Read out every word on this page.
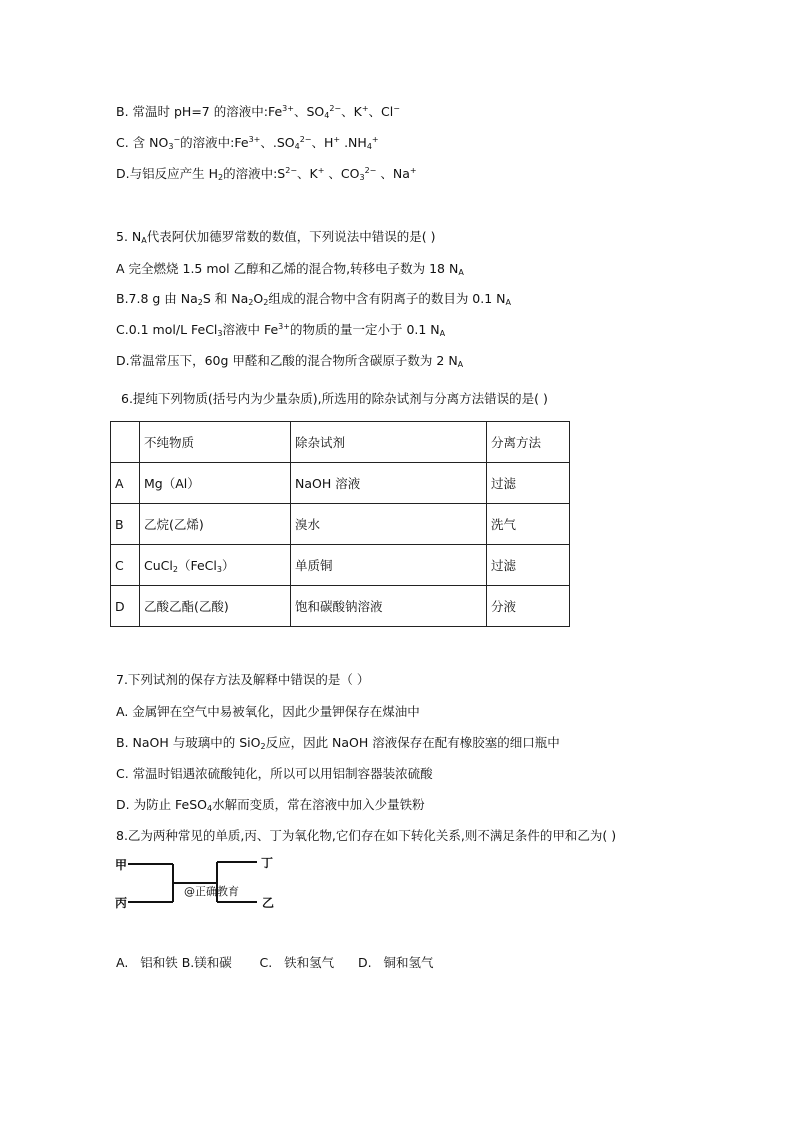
B. 常温时 pH=7 的溶液中$:Fe^{3+}$、$SO_4^{2-}$、K+、Cl−
C. 含 $NO_3^-$的溶液中$:Fe^{3+}$、$.SO_4^{2-}$、H+ $.NH_4^+$
D.与铝反应产生 $H_2$的溶液中$:S^{2-}$、K+ 、$CO_3^{2-}$ 、Na+
5. $N_A$代表阿伏加德罗常数的数值，下列说法中错误的是( )
A 完全燃烧 1.5 mol 乙醇和乙烯的混合物,转移电子数为 18 $N_A$
B.7.8 g 由 $Na_2S$ 和 $Na_2O_2$组成的混合物中含有阴离子的数目为 0.1 $N_A$
C.0.1 mol/L FeCl$_3$溶液中 $Fe^{3+}$的物质的量一定小于 0.1 $N_A$
D.常温常压下，60g 甲醛和乙酸的混合物所含碳原子数为 2 $N_A$
6.提纯下列物质(括号内为少量杂质),所选用的除杂试剂与分离方法错误的是( )
	不纯物质	除杂试剂	分离方法
A	Mg（Al）	NaOH 溶液	过滤
B	乙烷(乙烯)	溴水	洗气
C	CuCl$_2$（FeCl$_3$）	单质铜	过滤
D	乙酸乙酯(乙酸)	饱和碳酸钠溶液	分液
7.下列试剂的保存方法及解释中错误的是（ ）
A. 金属钾在空气中易被氧化，因此少量钾保存在煤油中
B. NaOH 与玻璃中的 SiO$_2$反应，因此 NaOH 溶液保存在配有橡胶塞的细口瓶中
C. 常温时铝遇浓硫酸钝化，所以可以用铝制容器装浓硫酸
D. 为防止 FeSO$_4$水解而变质，常在溶液中加入少量铁粉
8.乙为两种常见的单质,丙、丁为氧化物,它们存在如下转化关系,则不满足条件的甲和乙为( )
甲
丙
丁
乙
@正确教育
A.   铝和铁 B.镁和碳       C.   铁和氢气      D.   铜和氢气
